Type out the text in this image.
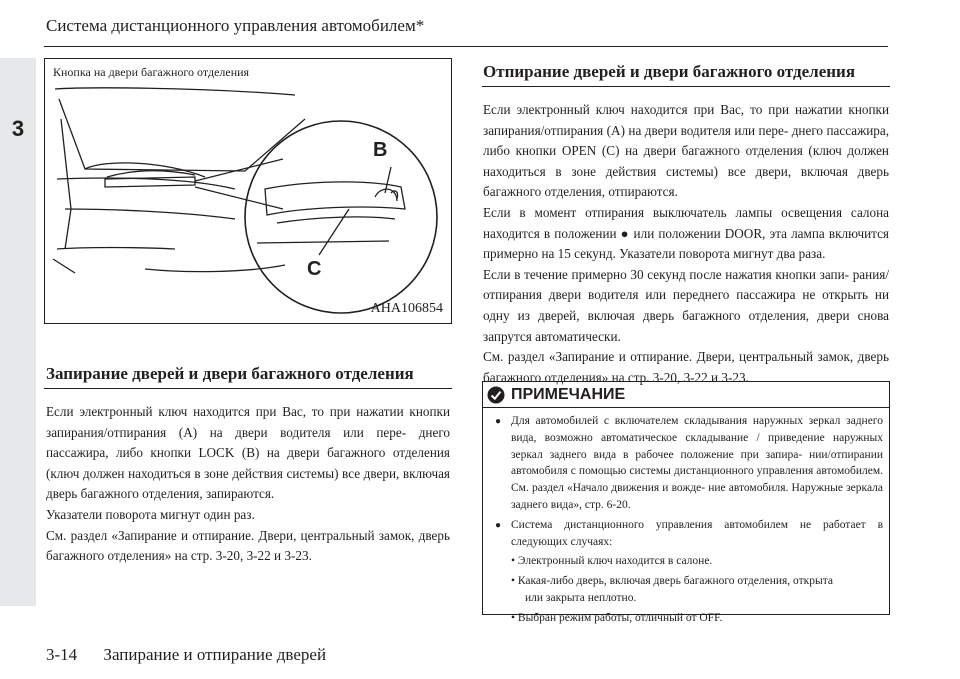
3
Система дистанционного управления автомобилем*
B
C
Кнопка на двери багажного отделения
AHA106854
Запирание дверей и двери багажного отделения

Если электронный ключ находится при Вас, то при нажатии кнопки запирания/отпирания (A) на двери водителя или пере- днего пассажира, либо кнопки LOCK (B) на двери багажного отделения (ключ должен находиться в зоне действия системы) все двери, включая дверь багажного отделения, запираются.

Указатели поворота мигнут один раз.

См. раздел «Запирание и отпирание. Двери, центральный замок, дверь багажного отделения» на стр. 3-20, 3-22 и 3-23.

Отпирание дверей и двери багажного отделения

Если электронный ключ находится при Вас, то при нажатии кнопки запирания/отпирания (A) на двери водителя или пере- днего пассажира, либо кнопки OPEN (C) на двери багажного отделения (ключ должен находиться в зоне действия системы) все двери, включая дверь багажного отделения, отпираются.

Если в момент отпирания выключатель лампы освещения салона находится в положении ● или положении DOOR, эта лампа включится примерно на 15 секунд. Указатели поворота мигнут два раза.

Если в течение примерно 30 секунд после нажатия кнопки запи- рания/отпирания двери водителя или переднего пассажира не открыть ни одну из дверей, включая дверь багажного отделения, двери снова запрутся автоматически.

См. раздел «Запирание и отпирание. Двери, центральный замок, дверь багажного отделения» на стр. 3-20, 3-22 и 3-23.

ПРИМЕЧАНИЕ
● Для автомобилей с включателем складывания наружных зеркал заднего вида, возможно автоматическое складывание / приведение наружных зеркал заднего вида в рабочее положение при запира- нии/отпирании автомобиля с помощью системы дистанционного управления автомобилем. См. раздел «Начало движения и вожде- ние автомобиля. Наружные зеркала заднего вида», стр. 6-20.
● Система дистанционного управления автомобилем не работает в следующих случаях:
• Электронный ключ находится в салоне.
• Какая-либо дверь, включая дверь багажного отделения, открыта
или закрыта неплотно.
• Выбран режим работы, отличный от OFF.
3-14 Запирание и отпирание дверей
